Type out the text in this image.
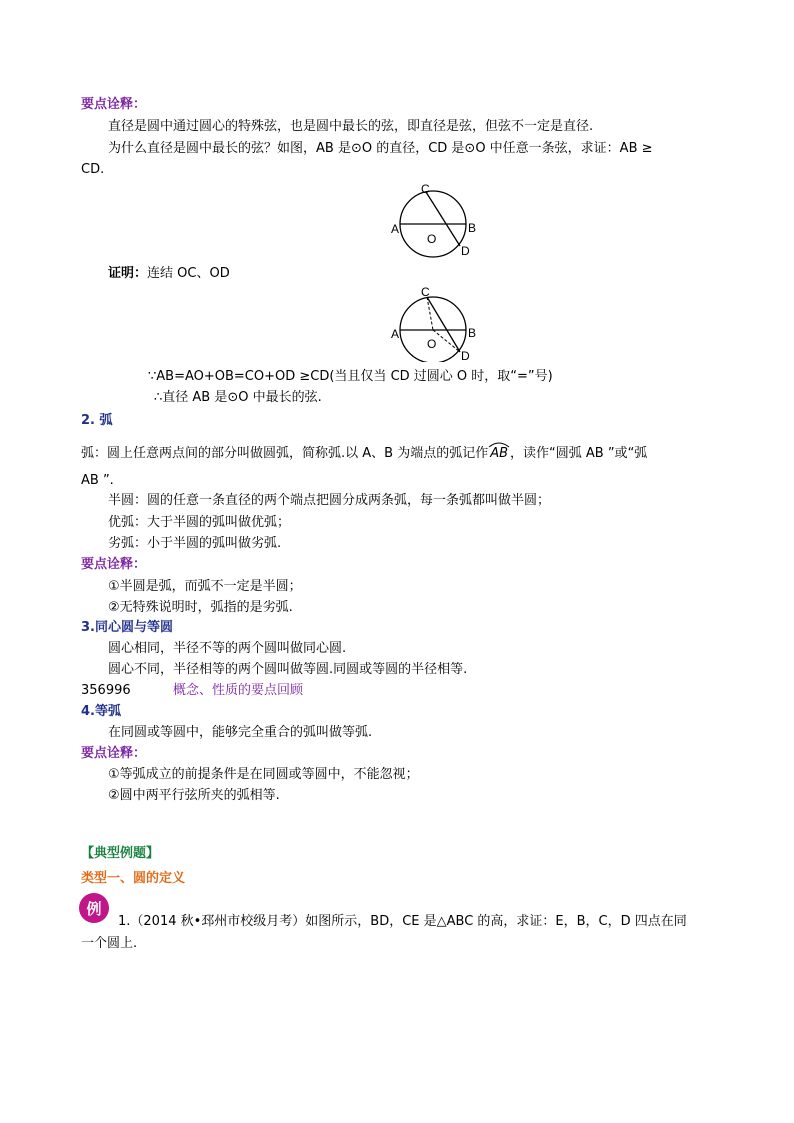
要点诠释：
直径是圆中通过圆心的特殊弦，也是圆中最长的弦，即直径是弦，但弦不一定是直径.
为什么直径是圆中最长的弦？如图，AB 是⊙O 的直径，CD 是⊙O 中任意一条弦，求证：AB ≥
CD.
A	B
C
D
O
证明：连结 OC、OD
A	B
C
D
O
∵AB=AO+OB=CO+OD ≥CD(当且仅当 CD 过圆心 O 时，取“=”号)
∴直径 AB 是⊙O 中最长的弦.
2. 弧
弧：圆上任意两点间的部分叫做圆弧，简称弧.以 A、B 为端点的弧记作 AB ，读作“圆弧 AB ”或“弧
AB ”.
半圆：圆的任意一条直径的两个端点把圆分成两条弧，每一条弧都叫做半圆；
优弧：大于半圆的弧叫做优弧；
劣弧：小于半圆的弧叫做劣弧.
要点诠释：
①半圆是弧，而弧不一定是半圆；
②无特殊说明时，弧指的是劣弧.
3.同心圆与等圆
圆心相同，半径不等的两个圆叫做同心圆.
圆心不同，半径相等的两个圆叫做等圆.同圆或等圆的半径相等.
356996	概念、性质的要点回顾
4.等弧
在同圆或等圆中，能够完全重合的弧叫做等弧.
要点诠释：
①等弧成立的前提条件是在同圆或等圆中，不能忽视；
②圆中两平行弦所夹的弧相等.
【典型例题】
类型一、圆的定义
例
1.（2014 秋•邳州市校级月考）如图所示，BD，CE 是△ABC 的高，求证：E，B，C，D 四点在同
一个圆上.
